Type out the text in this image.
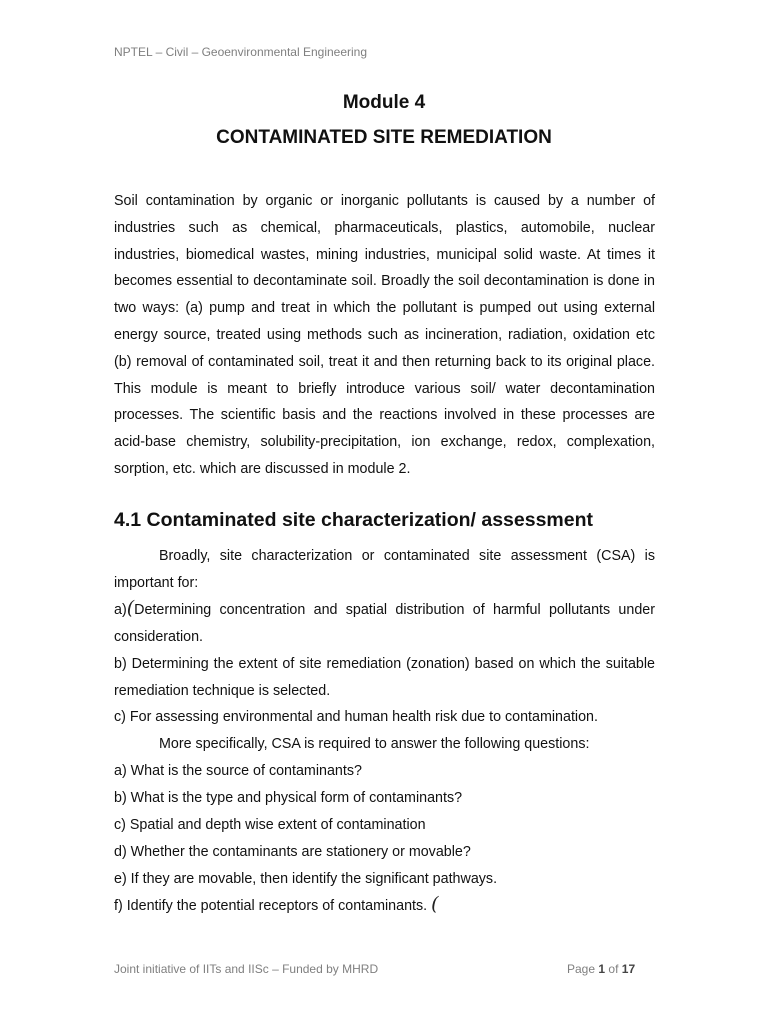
NPTEL – Civil – Geoenvironmental Engineering
Module 4
CONTAMINATED SITE REMEDIATION

Soil contamination by organic or inorganic pollutants is caused by a number of industries such as chemical, pharmaceuticals, plastics, automobile, nuclear industries, biomedical wastes, mining industries, municipal solid waste. At times it becomes essential to decontaminate soil. Broadly the soil decontamination is done in two ways: (a) pump and treat in which the pollutant is pumped out using external energy source, treated using methods such as incineration, radiation, oxidation etc (b) removal of contaminated soil, treat it and then returning back to its original place. This module is meant to briefly introduce various soil/ water decontamination processes. The scientific basis and the reactions involved in these processes are acid-base chemistry, solubility-precipitation, ion exchange, redox, complexation, sorption, etc. which are discussed in module 2.

4.1 Contaminated site characterization/ assessment

Broadly, site characterization or contaminated site assessment (CSA) is important for:

a)(Determining concentration and spatial distribution of harmful pollutants under consideration.

b) Determining the extent of site remediation (zonation) based on which the suitable remediation technique is selected.

c) For assessing environmental and human health risk due to contamination.

More specifically, CSA is required to answer the following questions:

a) What is the source of contaminants?

b) What is the type and physical form of contaminants?

c) Spatial and depth wise extent of contamination

d) Whether the contaminants are stationery or movable?

e) If they are movable, then identify the significant pathways.

f) Identify the potential receptors of contaminants. (

Joint initiative of IITs and IISc – Funded by MHRD	Page 1 of 17
